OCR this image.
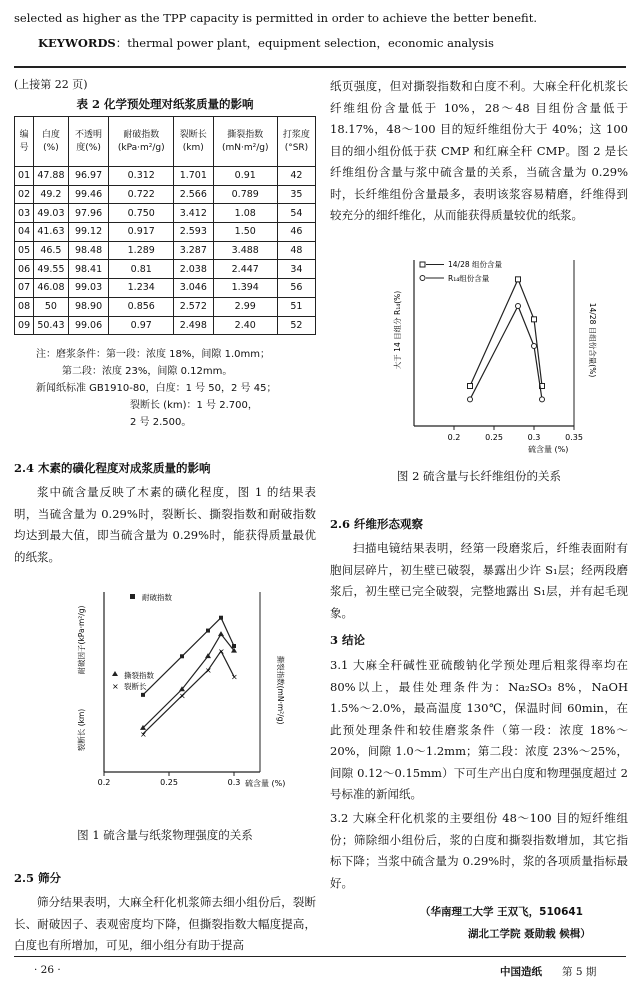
selected as higher as the TPP capacity is permitted in order to achieve the better benefit.
KEYWORDS：thermal power plant，equipment selection，economic analysis
(上接第 22 页)
表 2 化学预处理对纸浆质量的影响
编号	白度(%)	不透明度(%)	耐破指数(kPa·m²/g)	裂断长(km)	撕裂指数(mN·m²/g)	打浆度(°SR)
01	47.88	96.97	0.312	1.701	0.91	42
02	49.2	99.46	0.722	2.566	0.789	35
03	49.03	97.96	0.750	3.412	1.08	54
04	41.63	99.12	0.917	2.593	1.50	46
05	46.5	98.48	1.289	3.287	3.488	48
06	49.55	98.41	0.81	2.038	2.447	34
07	46.08	99.03	1.234	3.046	1.394	56
08	50	98.90	0.856	2.572	2.99	51
09	50.43	99.06	0.97	2.498	2.40	52
注：磨浆条件：第一段：浓度 18%，间隙 1.0mm；
第二段：浓度 23%，间隙 0.12mm。
新闻纸标准 GB1910-80，白度：1 号 50，2 号 45；
裂断长 (km)：1 号 2.700，
2 号 2.500。
2.4 木素的磺化程度对成浆质量的影响
浆中硫含量反映了木素的磺化程度，图 1 的结果表明，当硫含量为 0.29%时，裂断长、撕裂指数和耐破指数均达到最大值，即当硫含量为 0.29%时，能获得质量最优的纸浆。
×
×
×
×
×
×
0.2	0.25	0.3 硫含量 (%)
耐破因子(kPa·m²/g)
裂断长 (km)
撕裂指数(mN·m²/g)
耐破指数
撕裂指数
裂断长
图 1 硫含量与纸浆物理强度的关系
2.5 筛分
筛分结果表明，大麻全秆化机浆筛去细小组份后，裂断长、耐破因子、表观密度均下降，但撕裂指数大幅度提高，白度也有所增加，可见，细小组分有助于提高
纸页强度，但对撕裂指数和白度不利。大麻全秆化机浆长纤维组份含量低于 10%，28～48 目组份含量低于 18.17%，48～100 目的短纤维组份大于 40%；这 100 目的细小组份低于获 CMP 和红麻全秆 CMP。图 2 是长纤维组份含量与浆中硫含量的关系，当硫含量为 0.29%时，长纤维组份含量最多，表明该浆容易精磨，纤维得到较充分的细纤维化，从而能获得质量较优的纸浆。
0.2	0.25	0.3	0.35
硫含量 (%)
大于 14 目组分 R₁₄(%)	14/28 目组份含量(%)
14/28 组份含量
R₁₄组份含量
图 2 硫含量与长纤维组份的关系
2.6 纤维形态观察
扫描电镜结果表明，经第一段磨浆后，纤维表面附有胞间层碎片，初生壁已破裂，暴露出少许 S₁层；经两段磨浆后，初生壁已完全破裂，完整地露出 S₁层，并有起毛现象。
3 结论
3.1 大麻全秆碱性亚硫酸钠化学预处理后粗浆得率均在 80%以上，最佳处理条件为：Na₂SO₃ 8%，NaOH 1.5%～2.0%，最高温度 130℃，保温时间 60min，在此预处理条件和较佳磨浆条件（第一段：浓度 18%～20%，间隙 1.0～1.2mm；第二段：浓度 23%～25%，间隙 0.12～0.15mm）下可生产出白度和物理强度超过 2 号标准的新闻纸。
3.2 大麻全秆化机浆的主要组份 48～100 目的短纤维组份；筛除细小组份后，浆的白度和撕裂指数增加，其它指标下降；当浆中硫含量为 0.29%时，浆的各项质量指标最好。
（华南理工大学 王双飞，510641
湖北工学院 聂勋载 候楫）
· 26 ·	中国造纸 第 5 期
